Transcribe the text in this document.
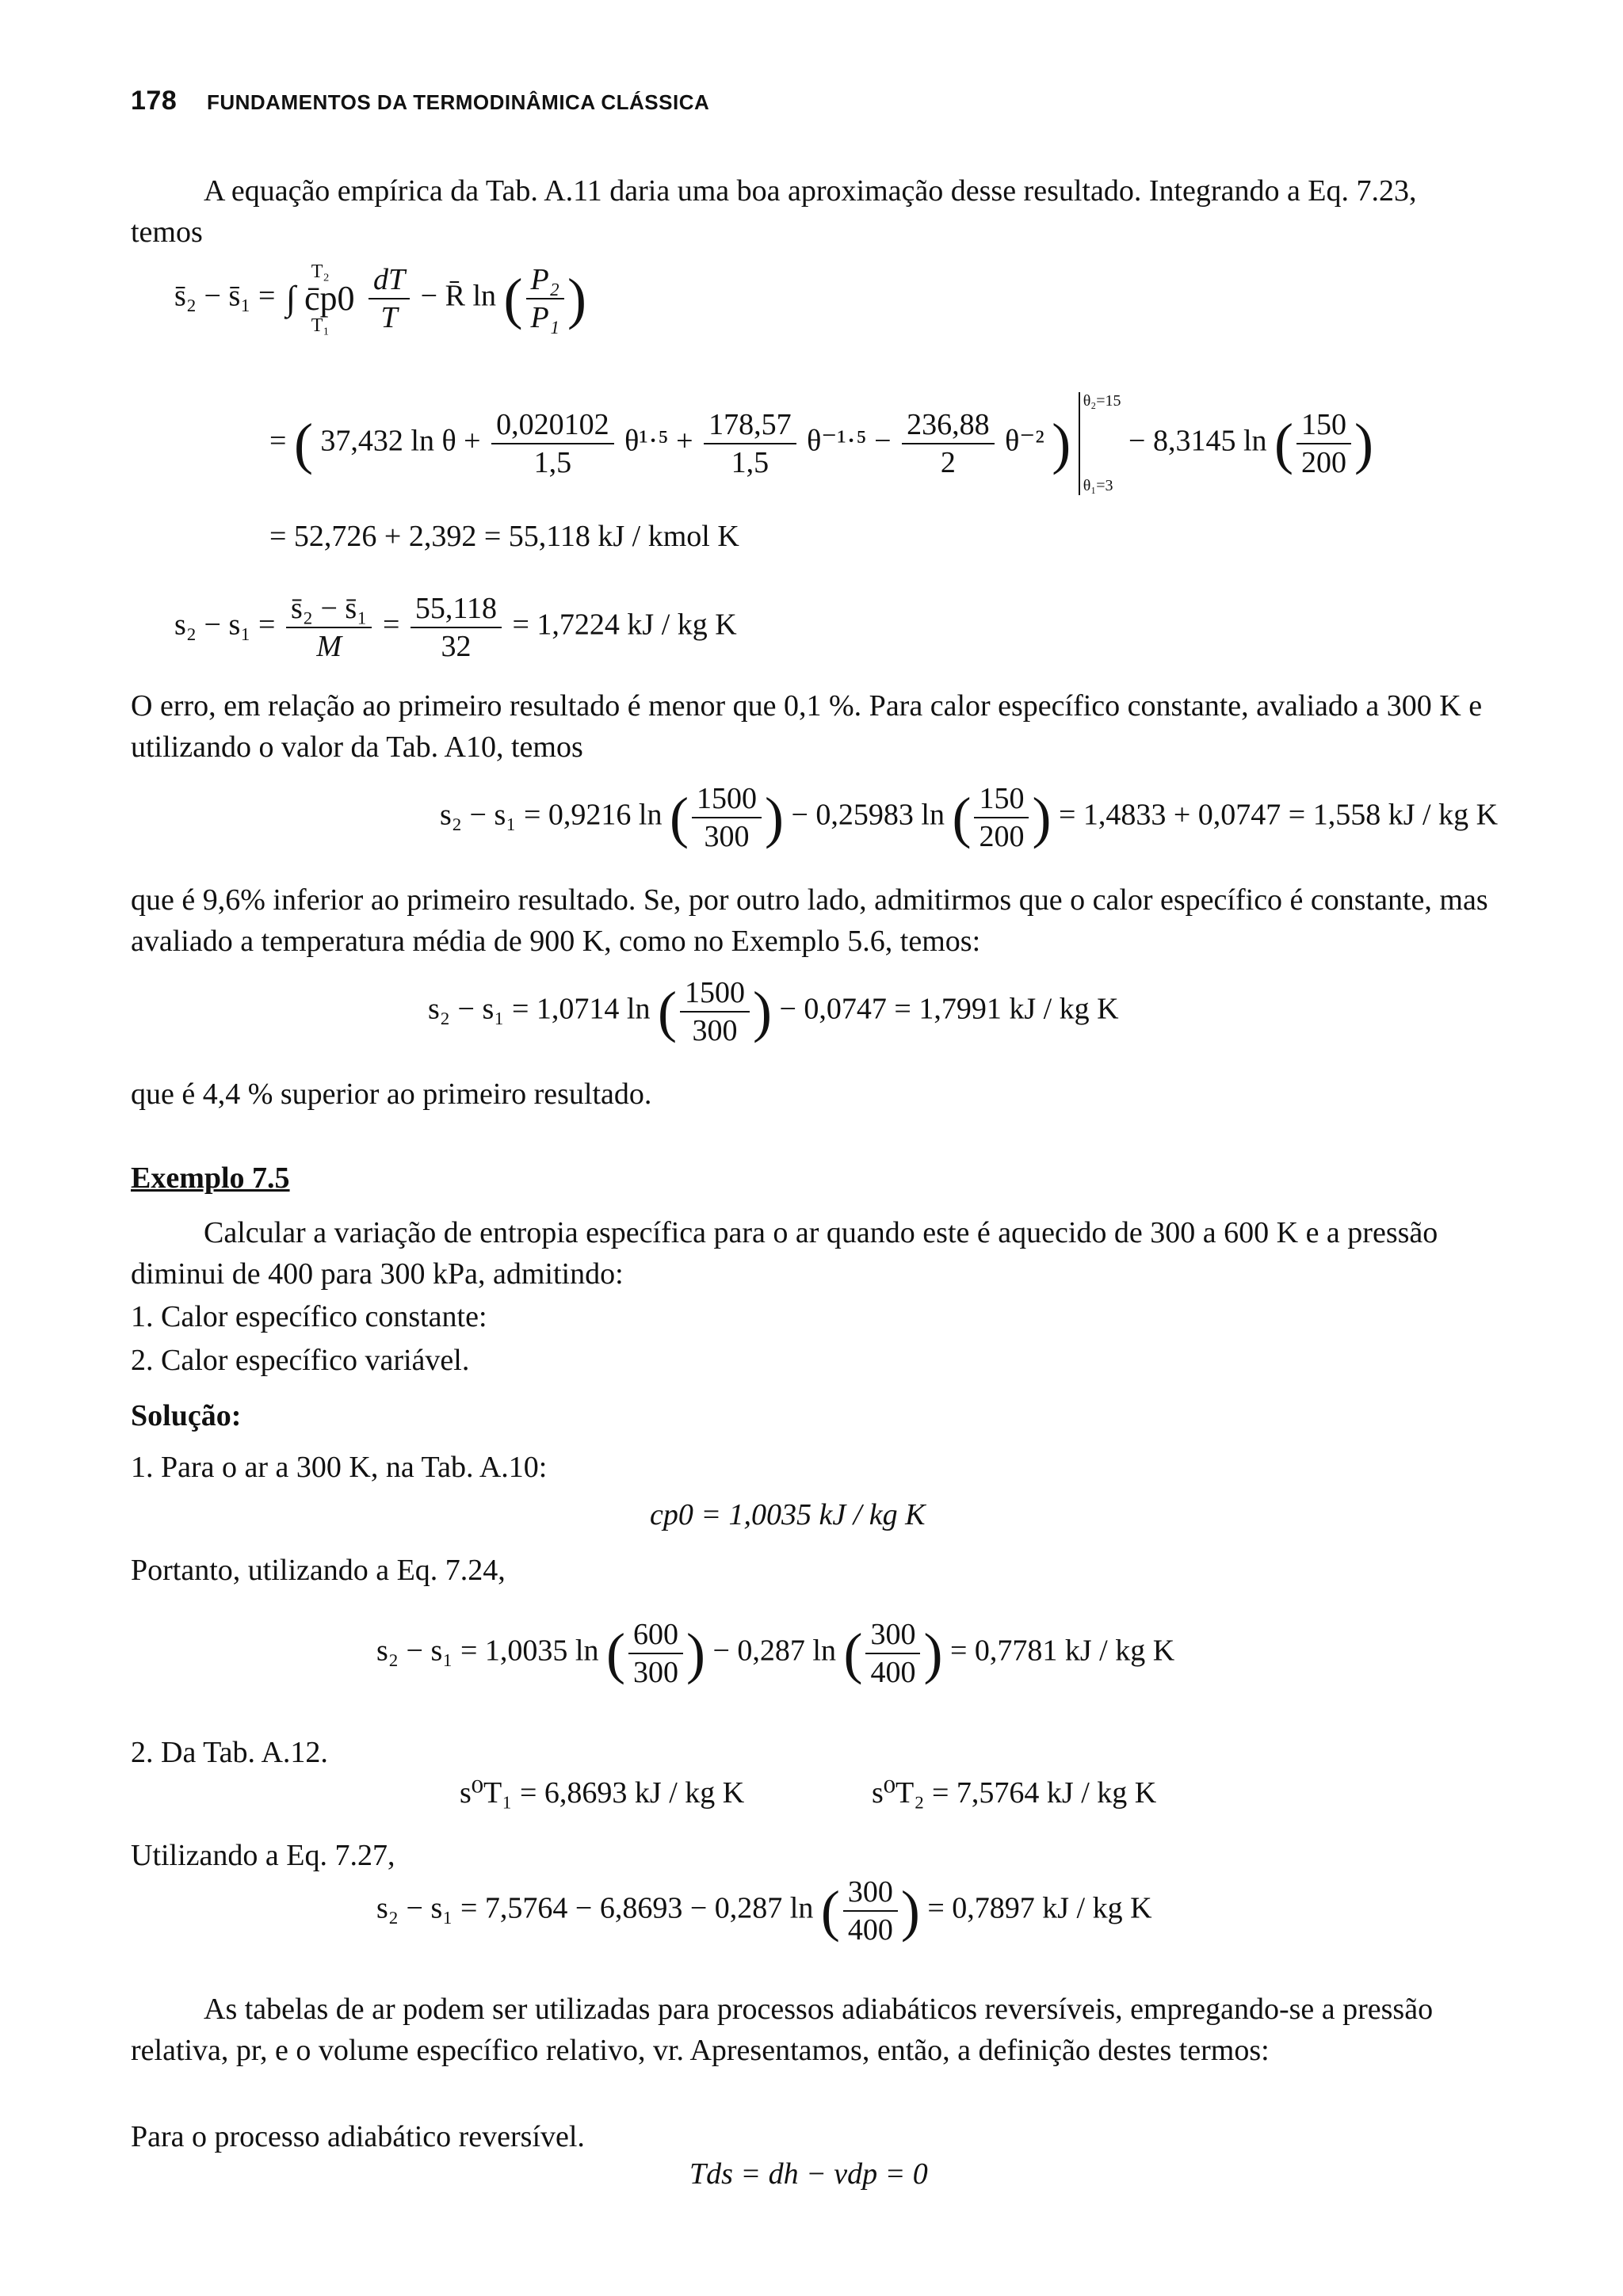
178 FUNDAMENTOS DA TERMODINÂMICA CLÁSSICA
A equação empírica da Tab. A.11 daria uma boa aproximação desse resultado. Integrando a Eq. 7.23, temos
s̄₂ − s̄₁ =
T₂
∫ c̄p0
T₁
$\frac{dT}{T}$ − R̄ ln ( $\frac{\text{P₂}}{\text{P₁}}$ )
= ( 37,432 $\ln \theta + \frac{0,020102}{1,5} \theta^1\cdot^5 + \frac{178,57}{1,5} \theta^{-1}\cdot^5 - \frac{236,88}{2} \theta^{-2}$ )
θ₂=15
θ₁=3
− 8,3145 ln ( $\frac{150}{200}$ )
= 52,726 + 2,392 = 55,118 kJ / kmol K
$s_2 - s_1 = \frac{\text{s̄₂ − s̄₁}}{M} = \frac{55,118}{32} = 1,7224$ kJ / kg K
O erro, em relação ao primeiro resultado é menor que 0,1 %. Para calor específico constante, avaliado a 300 K e utilizando o valor da Tab. A10, temos
s₂ − s₁ = 0,9216 ln ( $\frac{1500}{300}$ ) − 0,25983 ln ( $\frac{150}{200}$ ) = 1,4833 + 0,0747 = 1,558 kJ / kg K
que é 9,6% inferior ao primeiro resultado. Se, por outro lado, admitirmos que o calor específico é constante, mas avaliado a temperatura média de 900 K, como no Exemplo 5.6, temos:
s₂ − s₁ = 1,0714 ln ( $\frac{1500}{300}$ ) − 0,0747 = 1,7991 kJ / kg K
que é 4,4 % superior ao primeiro resultado.
Exemplo 7.5
Calcular a variação de entropia específica para o ar quando este é aquecido de 300 a 600 K e a pressão diminui de 400 para 300 kPa, admitindo:
1. Calor específico constante:
2. Calor específico variável.
Solução:
1. Para o ar a 300 K, na Tab. A.10:
cp0 = 1,0035 kJ / kg K
Portanto, utilizando a Eq. 7.24,
s₂ − s₁ = 1,0035 ln ( $\frac{600}{300}$ ) − 0,287 ln ( $\frac{300}{400}$ ) = 0,7781 kJ / kg K
2. Da Tab. A.12.
s⁰T₁ = 6,8693 kJ / kg K	s⁰T₂ = 7,5764 kJ / kg K
Utilizando a Eq. 7.27,
s₂ − s₁ = 7,5764 − 6,8693 − 0,287 ln ( $\frac{300}{400}$ ) = 0,7897 kJ / kg K
As tabelas de ar podem ser utilizadas para processos adiabáticos reversíveis, empregando-se a pressão relativa, pr, e o volume específico relativo, vr. Apresentamos, então, a definição destes termos:
Para o processo adiabático reversível.
Tds = dh − vdp = 0
